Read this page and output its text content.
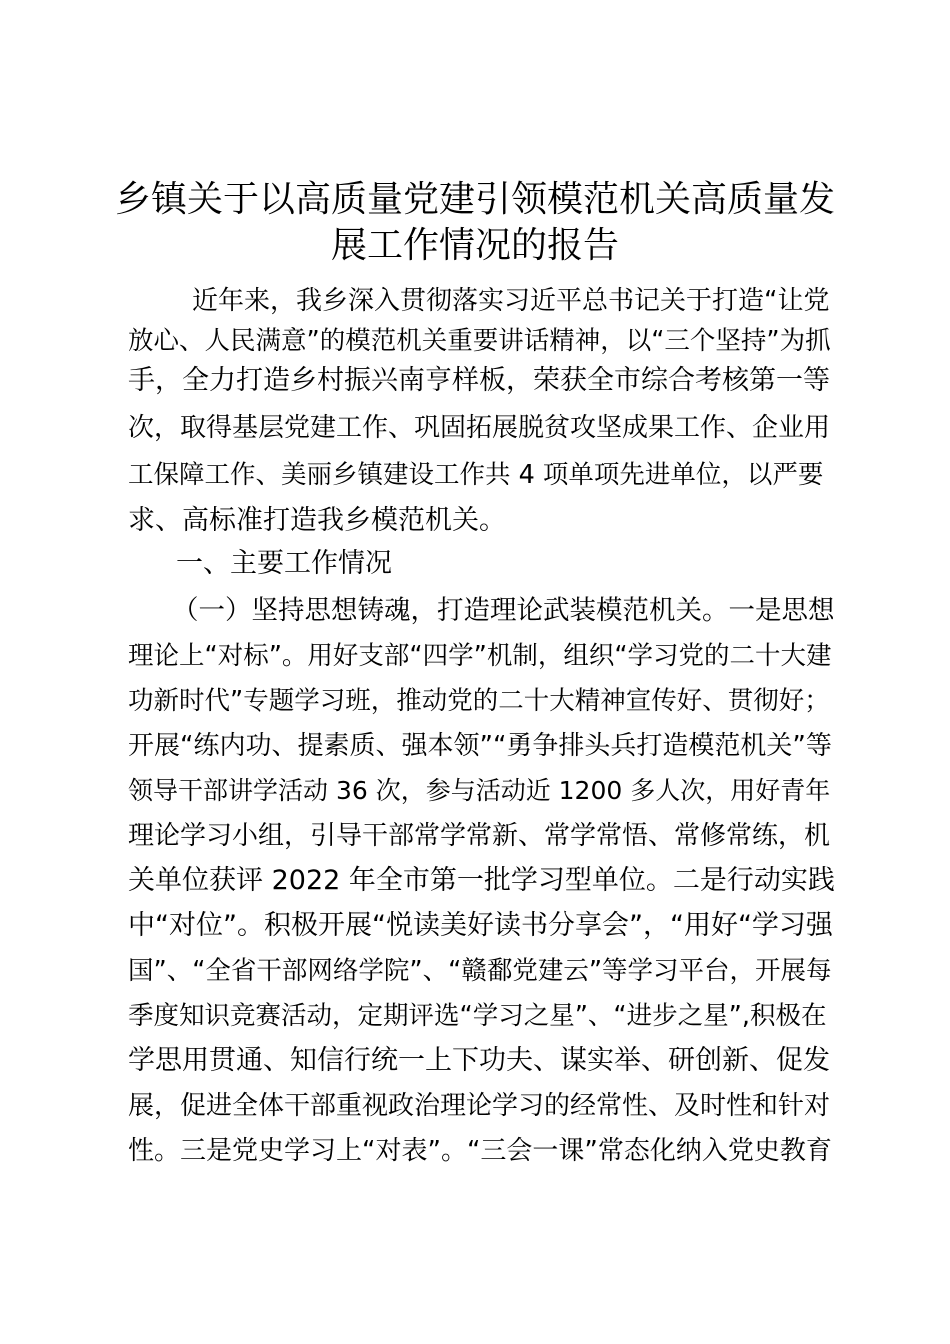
乡镇关于以高质量党建引领模范机关高质量发
展工作情况的报告
近年来，我乡深入贯彻落实习近平总书记关于打造“让党
放心、人民满意”的模范机关重要讲话精神，以“三个坚持”为抓
手，全力打造乡村振兴南亨样板，荣获全市综合考核第一等
次，取得基层党建工作、巩固拓展脱贫攻坚成果工作、企业用
工保障工作、美丽乡镇建设工作共 4 项单项先进单位，以严要
求、高标准打造我乡模范机关。
一、主要工作情况
（一）坚持思想铸魂，打造理论武装模范机关。一是思想
理论上“对标”。用好支部“四学”机制，组织“学习党的二十大建
功新时代”专题学习班，推动党的二十大精神宣传好、贯彻好；
开展“练内功、提素质、强本领”“勇争排头兵打造模范机关”等
领导干部讲学活动 36 次，参与活动近 1200 多人次，用好青年
理论学习小组，引导干部常学常新、常学常悟、常修常练，机
关单位获评 2022 年全市第一批学习型单位。二是行动实践
中“对位”。积极开展“悦读美好读书分享会”，“用好“学习强
国”、“全省干部网络学院”、“赣鄱党建云”等学习平台，开展每
季度知识竞赛活动，定期评选“学习之星”、“进步之星”,积极在
学思用贯通、知信行统一上下功夫、谋实举、研创新、促发
展，促进全体干部重视政治理论学习的经常性、及时性和针对
性。三是党史学习上“对表”。“三会一课”常态化纳入党史教育
